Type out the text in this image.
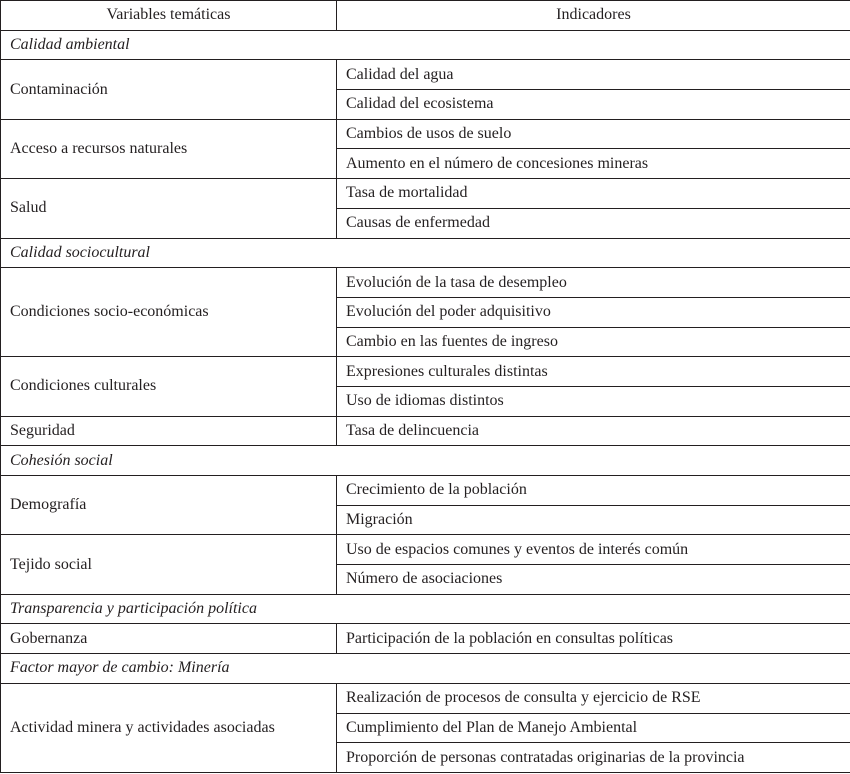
Variables temáticas	Indicadores
Calidad ambiental	
Contaminación	Calidad del agua
	Calidad del ecosistema
Acceso a recursos naturales	Cambios de usos de suelo
	Aumento en el número de concesiones mineras
Salud	Tasa de mortalidad
	Causas de enfermedad
Calidad sociocultural	
Condiciones socio-económicas	Evolución de la tasa de desempleo
	Evolución del poder adquisitivo
	Cambio en las fuentes de ingreso
Condiciones culturales	Expresiones culturales distintas
	Uso de idiomas distintos
Seguridad	Tasa de delincuencia
Cohesión social	
Demografía	Crecimiento de la población
	Migración
Tejido social	Uso de espacios comunes y eventos de interés común
	Número de asociaciones
Transparencia y participación política	
Gobernanza	Participación de la población en consultas políticas
Factor mayor de cambio: Minería	
Actividad minera y actividades asociadas	Realización de procesos de consulta y ejercicio de RSE
	Cumplimiento del Plan de Manejo Ambiental
	Proporción de personas contratadas originarias de la provincia
